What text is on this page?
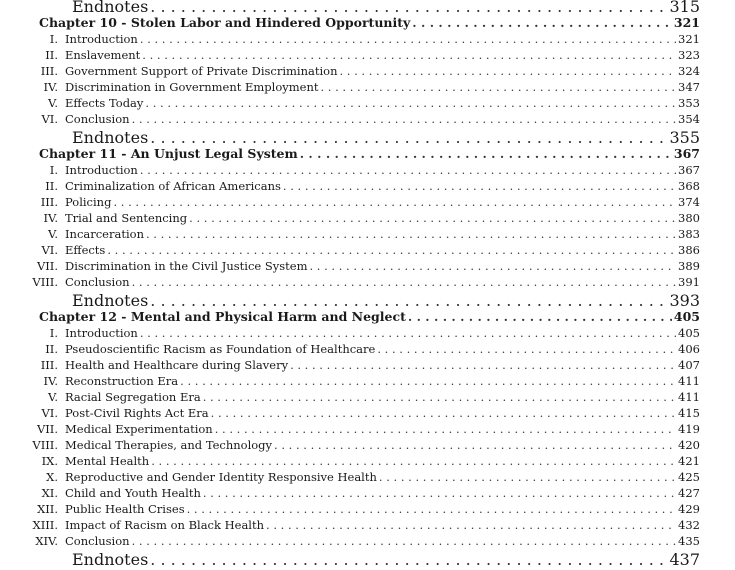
Endnotes . . .	315
Chapter 10 - Stolen Labor and Hindered Opportunity . . .	321
I. Introduction . . .	321
II. Enslavement . . .	323
III. Government Support of Private Discrimination . . .	324
IV. Discrimination in Government Employment . . .	347
V. Effects Today . . .	353
VI. Conclusion . . .	354
Endnotes . . .	355
Chapter 11 - An Unjust Legal System . . .	367
I. Introduction . . .	367
II. Criminalization of African Americans . . .	368
III. Policing . . .	374
IV. Trial and Sentencing . . .	380
V. Incarceration . . .	383
VI. Effects . . .	386
VII. Discrimination in the Civil Justice System . . .	389
VIII. Conclusion . . .	391
Endnotes . . .	393
Chapter 12 - Mental and Physical Harm and Neglect . . .	405
I. Introduction . . .	405
II. Pseudoscientific Racism as Foundation of Healthcare . . .	406
III. Health and Healthcare during Slavery . . .	407
IV. Reconstruction Era . . .	411
V. Racial Segregation Era . . .	411
VI. Post-Civil Rights Act Era . . .	415
VII. Medical Experimentation . . .	419
VIII. Medical Therapies, and Technology . . .	420
IX. Mental Health . . .	421
X. Reproductive and Gender Identity Responsive Health . . .	425
XI. Child and Youth Health . . .	427
XII. Public Health Crises . . .	429
XIII. Impact of Racism on Black Health . . .	432
XIV. Conclusion . . .	435
Endnotes . . .	437
